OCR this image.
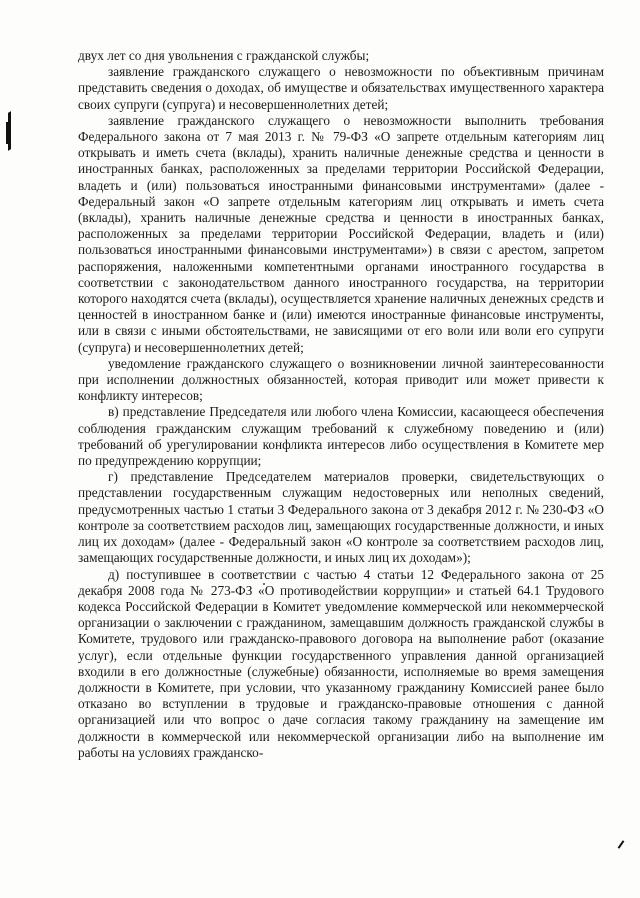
двух лет со дня увольнения с гражданской службы;

заявление гражданского служащего о невозможности по объективным причинам представить сведения о доходах, об имуществе и обязательствах имущественного характера своих супруги (супруга) и несовершеннолетних детей;

заявление гражданского служащего о невозможности выполнить требования Федерального закона от 7 мая 2013 г. № 79-ФЗ «О запрете отдельным категориям лиц открывать и иметь счета (вклады), хранить наличные денежные средства и ценности в иностранных банках, расположенных за пределами территории Российской Федерации, владеть и (или) пользоваться иностранными финансовыми инструментами» (далее - Федеральный закон «О запрете отдельным категориям лиц открывать и иметь счета (вклады), хранить наличные денежные средства и ценности в иностранных банках, расположенных за пределами территории Российской Федерации, владеть и (или) пользоваться иностранными финансовыми инструментами») в связи с арестом, запретом распоряжения, наложенными компетентными органами иностранного государства в соответствии с законодательством данного иностранного государства, на территории которого находятся счета (вклады), осуществляется хранение наличных денежных средств и ценностей в иностранном банке и (или) имеются иностранные финансовые инструменты, или в связи с иными обстоятельствами, не зависящими от его воли или воли его супруги (супруга) и несовершеннолетних детей;

уведомление гражданского служащего о возникновении личной заинтересованности при исполнении должностных обязанностей, которая приводит или может привести к конфликту интересов;

в) представление Председателя или любого члена Комиссии, касающееся обеспечения соблюдения гражданским служащим требований к служебному поведению и (или) требований об урегулировании конфликта интересов либо осуществления в Комитете мер по предупреждению коррупции;

г) представление Председателем материалов проверки, свидетельствующих о представлении государственным служащим недостоверных или неполных сведений, предусмотренных частью 1 статьи 3 Федерального закона от 3 декабря 2012 г. № 230-ФЗ «О контроле за соответствием расходов лиц, замещающих государственные должности, и иных лиц их доходам» (далее - Федеральный закон «О контроле за соответствием расходов лиц, замещающих государственные должности, и иных лиц их доходам»);

д) поступившее в соответствии с частью 4 статьи 12 Федерального закона от 25 декабря 2008 года № 273-ФЗ «О противодействии коррупции» и статьей 64.1 Трудового кодекса Российской Федерации в Комитет уведомление коммерческой или некоммерческой организации о заключении с гражданином, замещавшим должность гражданской службы в Комитете, трудового или гражданско-правового договора на выполнение работ (оказание услуг), если отдельные функции государственного управления данной организацией входили в его должностные (служебные) обязанности, исполняемые во время замещения должности в Комитете, при условии, что указанному гражданину Комиссией ранее было отказано во вступлении в трудовые и гражданско-правовые отношения с данной организацией или что вопрос о даче согласия такому гражданину на замещение им должности в коммерческой или некоммерческой организации либо на выполнение им работы на условиях гражданско-
